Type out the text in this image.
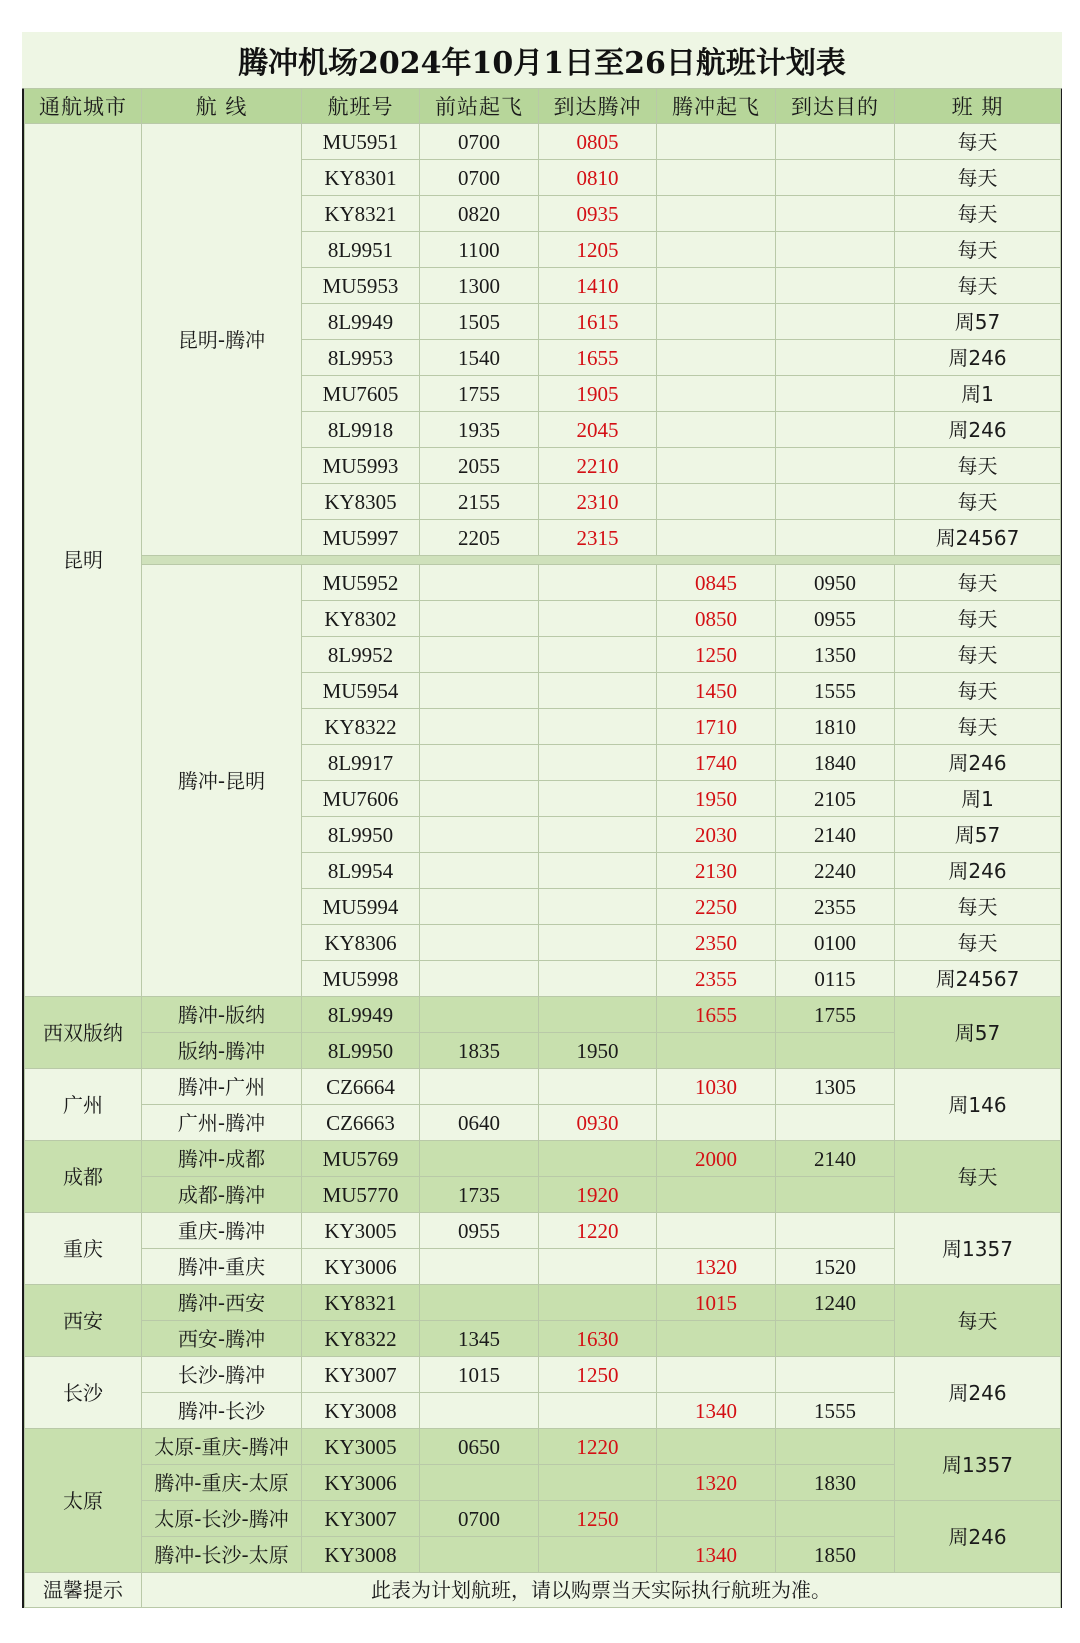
腾冲机场2024年10月1日至26日航班计划表
通航城市	航 线	航班号	前站起飞	到达腾冲	腾冲起飞	到达目的	班 期
昆明	昆明-腾冲	MU5951	0700	0805			每天
		KY8301	0700	0810			每天
		KY8321	0820	0935			每天
		8L9951	1100	1205			每天
		MU5953	1300	1410			每天
		8L9949	1505	1615			周57
		8L9953	1540	1655			周246
		MU7605	1755	1905			周1
		8L9918	1935	2045			周246
		MU5993	2055	2210			每天
		KY8305	2155	2310			每天
		MU5997	2205	2315			周24567

	腾冲-昆明	MU5952			0845	0950	每天
		KY8302			0850	0955	每天
		8L9952			1250	1350	每天
		MU5954			1450	1555	每天
		KY8322			1710	1810	每天
		8L9917			1740	1840	周246
		MU7606			1950	2105	周1
		8L9950			2030	2140	周57
		8L9954			2130	2240	周246
		MU5994			2250	2355	每天
		KY8306			2350	0100	每天
		MU5998			2355	0115	周24567
西双版纳	腾冲-版纳	8L9949			1655	1755	周57
	版纳-腾冲	8L9950	1835	1950			
广州	腾冲-广州	CZ6664			1030	1305	周146
	广州-腾冲	CZ6663	0640	0930			
成都	腾冲-成都	MU5769			2000	2140	每天
	成都-腾冲	MU5770	1735	1920			
重庆	重庆-腾冲	KY3005	0955	1220			周1357
	腾冲-重庆	KY3006			1320	1520	
西安	腾冲-西安	KY8321			1015	1240	每天
	西安-腾冲	KY8322	1345	1630			
长沙	长沙-腾冲	KY3007	1015	1250			周246
	腾冲-长沙	KY3008			1340	1555	
太原	太原-重庆-腾冲	KY3005	0650	1220			周1357
	腾冲-重庆-太原	KY3006			1320	1830	
	太原-长沙-腾冲	KY3007	0700	1250			周246
	腾冲-长沙-太原	KY3008			1340	1850	
温馨提示	此表为计划航班，请以购票当天实际执行航班为准。						
